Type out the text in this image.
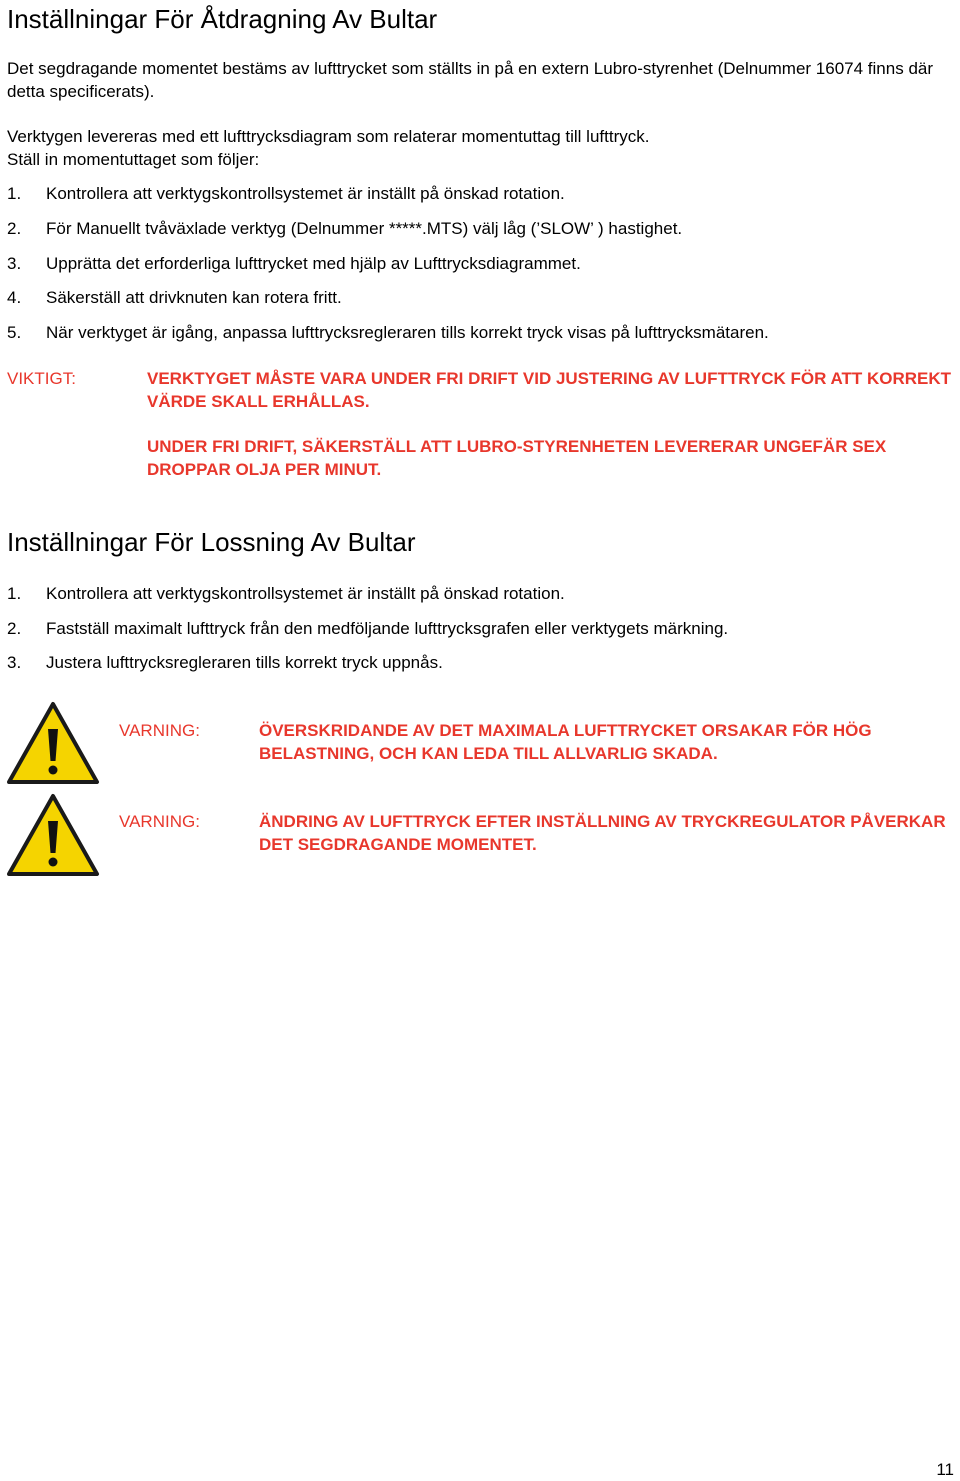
Inställningar För Åtdragning Av Bultar

Det segdragande momentet bestäms av lufttrycket som ställts in på en extern Lubro-styrenhet (Delnummer 16074 finns där detta specificerats).

Verktygen levereras med ett lufttrycksdiagram som relaterar momentuttag till lufttryck.

Ställ in momentuttaget som följer:

1. Kontrollera att verktygskontrollsystemet är inställt på önskad rotation.
2. För Manuellt tvåväxlade verktyg (Delnummer *****.MTS) välj låg (’SLOW’ ) hastighet.
3. Upprätta det erforderliga lufttrycket med hjälp av Lufttrycksdiagrammet.
4. Säkerställ att drivknuten kan rotera fritt.
5. När verktyget är igång, anpassa lufttrycksregleraren tills korrekt tryck visas på lufttrycksmätaren.
VIKTIGT:	VERKTYGET MÅSTE VARA UNDER FRI DRIFT VID JUSTERING AV LUFTTRYCK FÖR ATT KORREKT VÄRDE SKALL ERHÅLLAS.
UNDER FRI DRIFT, SÄKERSTÄLL ATT LUBRO-STYRENHETEN LEVERERAR UNGEFÄR SEX DROPPAR OLJA PER MINUT.
Inställningar För Lossning Av Bultar
1. Kontrollera att verktygskontrollsystemet är inställt på önskad rotation.
2. Fastställ maximalt lufttryck från den medföljande lufttrycksgrafen eller verktygets märkning.
3. Justera lufttrycksregleraren tills korrekt tryck uppnås.
VARNING:	ÖVERSKRIDANDE AV DET MAXIMALA LUFTTRYCKET ORSAKAR FÖR HÖG BELASTNING, OCH KAN LEDA TILL ALLVARLIG SKADA.
VARNING:	ÄNDRING AV LUFTTRYCK EFTER INSTÄLLNING AV TRYCKREGULATOR PÅVERKAR DET SEGDRAGANDE MOMENTET.
11
